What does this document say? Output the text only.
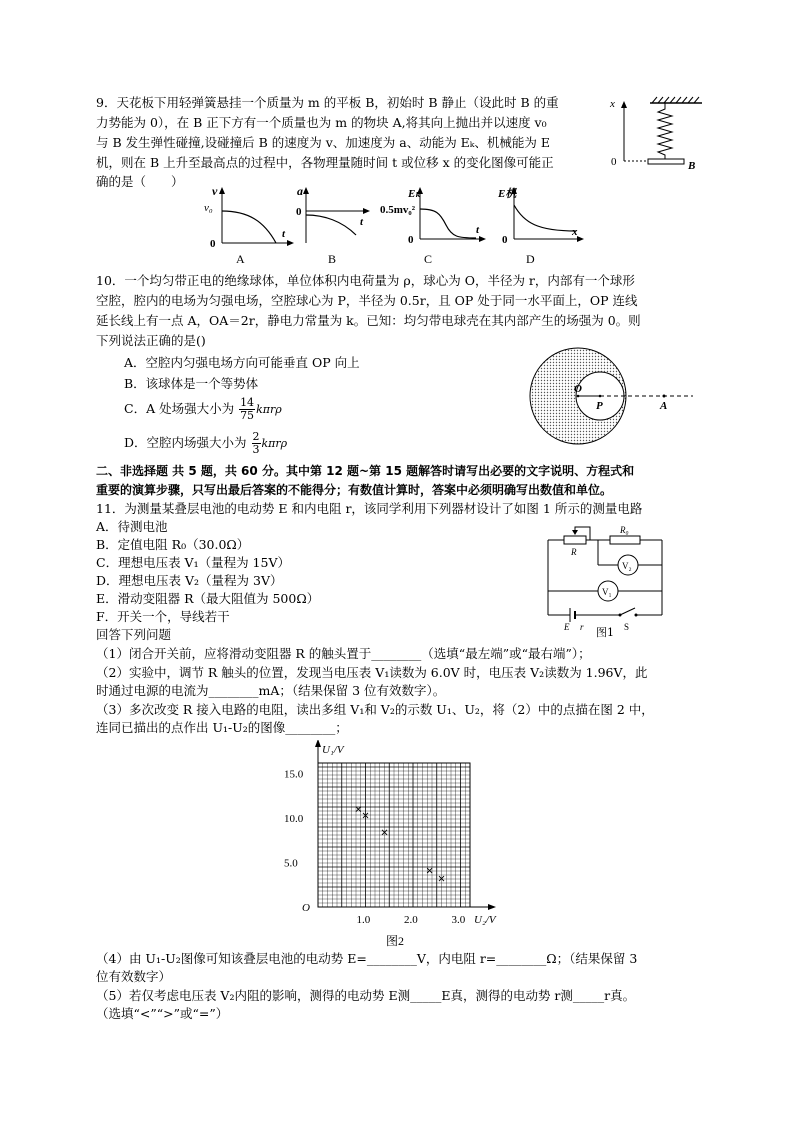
9．天花板下用轻弹簧悬挂一个质量为 m 的平板 B，初始时 B 静止（设此时 B 的重
力势能为 0），在 B 正下方有一个质量也为 m 的物块 A,将其向上抛出并以速度 v₀
与 B 发生弹性碰撞,设碰撞后 B 的速度为 v、加速度为 a、动能为 Eₖ、机械能为 E
机，则在 B 上升至最高点的过程中，各物理量随时间 t 或位移 x 的变化图像可能正
确的是（　　）
x
0	B
v
v₀
0
t
A
a
0
t
B
Eₖ
0.5mv₀²
0
t
C
E机
0
x
D
10．一个均匀带正电的绝缘球体，单位体积内电荷量为 ρ，球心为 O，半径为 r，内部有一个球形
空腔，腔内的电场为匀强电场，空腔球心为 P，半径为 0.5r，且 OP 处于同一水平面上，OP 连线
延长线上有一点 A，OA＝2r，静电力常量为 k。已知：均匀带电球壳在其内部产生的场强为 0。则
下列说法正确的是()
A．空腔内匀强电场方向可能垂直 OP 向上
B．该球体是一个等势体
C．A 处场强大小为 $\frac{14}{75}$ kπrρ
D．空腔内场强大小为 $\frac{2}{3}$ kπrρ
O
P	A
二、非选择题 共 5 题，共 60 分。其中第 12 题~第 15 题解答时请写出必要的文字说明、方程式和
重要的演算步骤，只写出最后答案的不能得分；有数值计算时，答案中必须明确写出数值和单位。
11．为测量某叠层电池的电动势 E 和内电阻 r，该同学利用下列器材设计了如图 1 所示的测量电路
A．待测电池
B．定值电阻 R₀（30.0Ω）
C．理想电压表 V₁（量程为 15V）
D．理想电压表 V₂（量程为 3V）
E．滑动变阻器 R（最大阻值为 500Ω）
F．开关一个，导线若干
回答下列问题
（1）闭合开关前，应将滑动变阻器 R 的触头置于________（选填“最左端”或“最右端”）；
（2）实验中，调节 R 触头的位置，发现当电压表 V₁读数为 6.0V 时，电压表 V₂读数为 1.96V，此
时通过电源的电流为________mA；（结果保留 3 位有效数字）。
（3）多次改变 R 接入电路的电阻，读出多组 V₁和 V₂的示数 U₁、U₂，将（2）中的点描在图 2 中，
连同已描出的点作出 U₁-U₂的图像________；
R
R₀
V₂
V₁
E r	S
图1
1.0	2.0	3.0
5.0
10.0
15.0
O
U₂/V
U₁/V
图2
（4）由 U₁-U₂图像可知该叠层电池的电动势 E=________V，内电阻 r=________Ω；（结果保留 3
位有效数字）
（5）若仅考虑电压表 V₂内阻的影响，测得的电动势 E测_____E真，测得的电动势 r测_____r真。
（选填“<”“>”或“=”）
